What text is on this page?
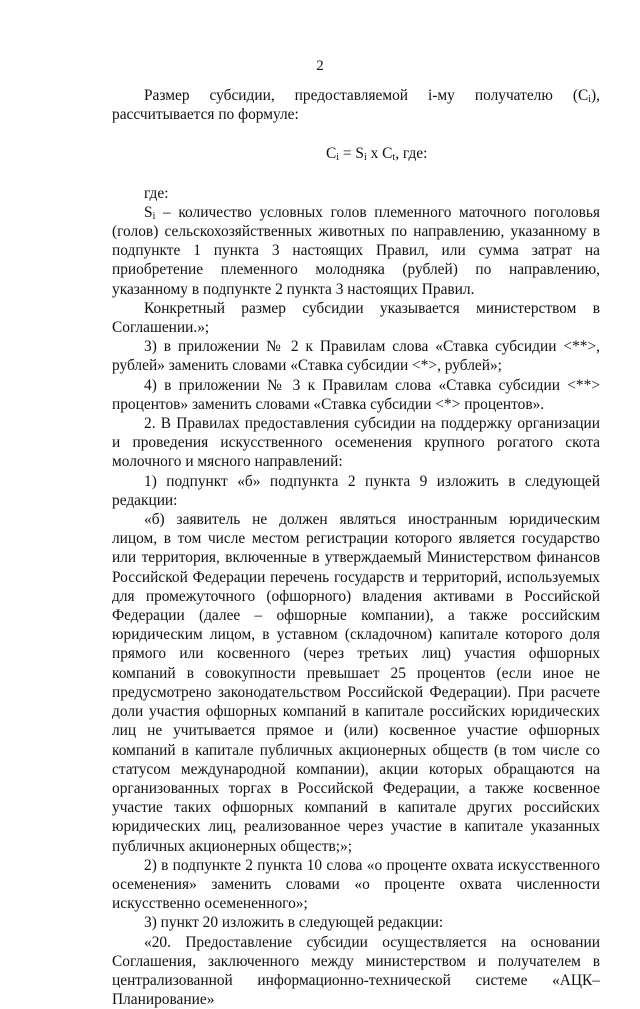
2

Размер субсидии, предоставляемой i-му получателю $(С_i)$, рассчитывается по формуле:

$С_i = S_i$ x $С_t$, где:

где:

$S_i$ – количество условных голов племенного маточного поголовья (голов) сельскохозяйственных животных по направлению, указанному в подпункте 1 пункта 3 настоящих Правил, или сумма затрат на приобретение племенного молодняка (рублей) по направлению, указанному в подпункте 2 пункта 3 настоящих Правил.

Конкретный размер субсидии указывается министерством в Соглашении.»;

3) в приложении № 2 к Правилам слова «Ставка субсидии <**>, рублей» заменить словами «Ставка субсидии <*>, рублей»;

4) в приложении № 3 к Правилам слова «Ставка субсидии <**> процентов» заменить словами «Ставка субсидии <*> процентов».

2. В Правилах предоставления субсидии на поддержку организации и проведения искусственного осеменения крупного рогатого скота молочного и мясного направлений:

1) подпункт «б» подпункта 2 пункта 9 изложить в следующей редакции:

«б) заявитель не должен являться иностранным юридическим лицом, в том числе местом регистрации которого является государство или территория, включенные в утверждаемый Министерством финансов Российской Федерации перечень государств и территорий, используемых для промежуточного (офшорного) владения активами в Российской Федерации (далее – офшорные компании), а также российским юридическим лицом, в уставном (складочном) капитале которого доля прямого или косвенного (через третьих лиц) участия офшорных компаний в совокупности превышает 25 процентов (если иное не предусмотрено законодательством Российской Федерации). При расчете доли участия офшорных компаний в капитале российских юридических лиц не учитывается прямое и (или) косвенное участие офшорных компаний в капитале публичных акционерных обществ (в том числе со статусом международной компании), акции которых обращаются на организованных торгах в Российской Федерации, а также косвенное участие таких офшорных компаний в капитале других российских юридических лиц, реализованное через участие в капитале указанных публичных акционерных обществ;»;

2) в подпункте 2 пункта 10 слова «о проценте охвата искусственного осеменения» заменить словами «о проценте охвата численности искусственно осемененного»;

3) пункт 20 изложить в следующей редакции:

«20. Предоставление субсидии осуществляется на основании Соглашения, заключенного между министерством и получателем в централизованной информационно-технической системе «АЦК–Планирование»
